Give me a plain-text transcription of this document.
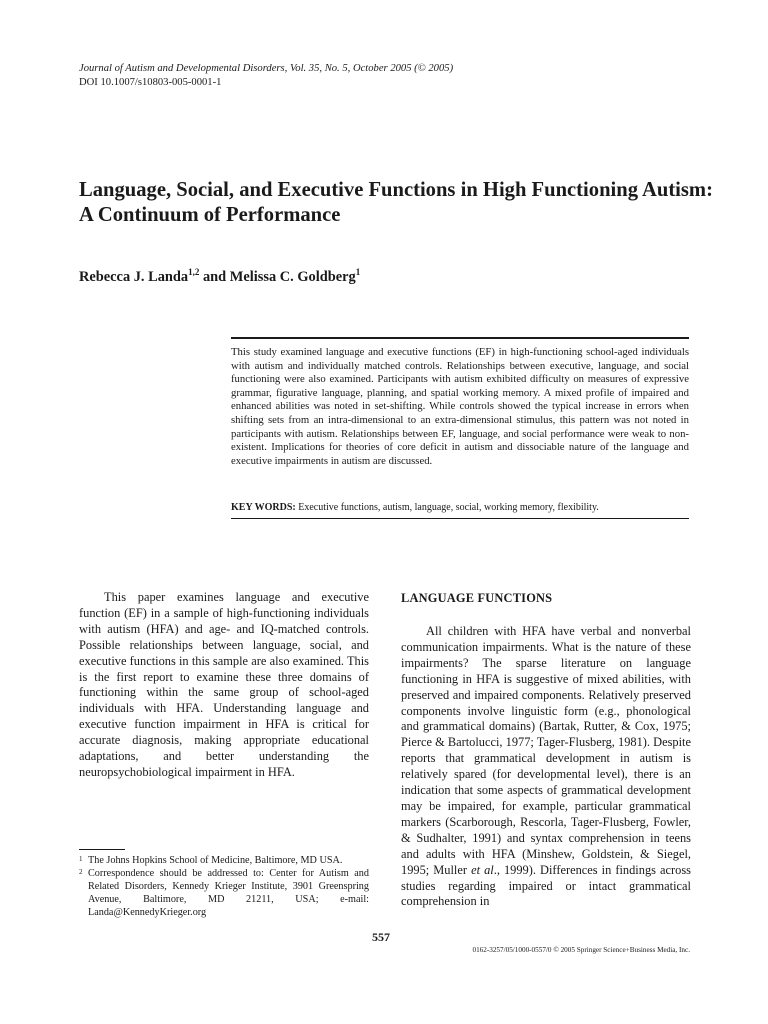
Journal of Autism and Developmental Disorders, Vol. 35, No. 5, October 2005 (© 2005)
DOI 10.1007/s10803-005-0001-1
Language, Social, and Executive Functions in High Functioning Autism: A Continuum of Performance
Rebecca J. Landa$^{1,2}$ and Melissa C. Goldberg$^1$

This study examined language and executive functions (EF) in high-functioning school-aged individuals with autism and individually matched controls. Relationships between executive, language, and social functioning were also examined. Participants with autism exhibited difficulty on measures of expressive grammar, figurative language, planning, and spatial working memory. A mixed profile of impaired and enhanced abilities was noted in set-shifting. While controls showed the typical increase in errors when shifting sets from an intra-dimensional to an extra-dimensional stimulus, this pattern was not noted in participants with autism. Relationships between EF, language, and social performance were weak to non-existent. Implications for theories of core deficit in autism and dissociable nature of the language and executive impairments in autism are discussed.

KEY WORDS: Executive functions, autism, language, social, working memory, flexibility.

This paper examines language and executive function (EF) in a sample of high-functioning individuals with autism (HFA) and age- and IQ-matched controls. Possible relationships between language, social, and executive functions in this sample are also examined. This is the first report to examine these three domains of functioning within the same group of school-aged individuals with HFA. Understanding language and executive function impairment in HFA is critical for accurate diagnosis, making appropriate educational adaptations, and better understanding the neuropsychobiological impairment in HFA.

LANGUAGE FUNCTIONS

All children with HFA have verbal and nonverbal communication impairments. What is the nature of these impairments? The sparse literature on language functioning in HFA is suggestive of mixed abilities, with preserved and impaired components. Relatively preserved components involve linguistic form (e.g., phonological and grammatical domains) (Bartak, Rutter, & Cox, 1975; Pierce & Bartolucci, 1977; Tager-Flusberg, 1981). Despite reports that grammatical development in autism is relatively spared (for developmental level), there is an indication that some aspects of grammatical development may be impaired, for example, particular grammatical markers (Scarborough, Rescorla, Tager-Flusberg, Fowler, & Sudhalter, 1991) and syntax comprehension in teens and adults with HFA (Minshew, Goldstein, & Siegel, 1995; Muller et al., 1999). Differences in findings across studies regarding impaired or intact grammatical comprehension in

1 The Johns Hopkins School of Medicine, Baltimore, MD USA.

2 Correspondence should be addressed to: Center for Autism and Related Disorders, Kennedy Krieger Institute, 3901 Greenspring Avenue, Baltimore, MD 21211, USA; e-mail: Landa@KennedyKrieger.org

557
0162-3257/05/1000-0557/0 © 2005 Springer Science+Business Media, Inc.
